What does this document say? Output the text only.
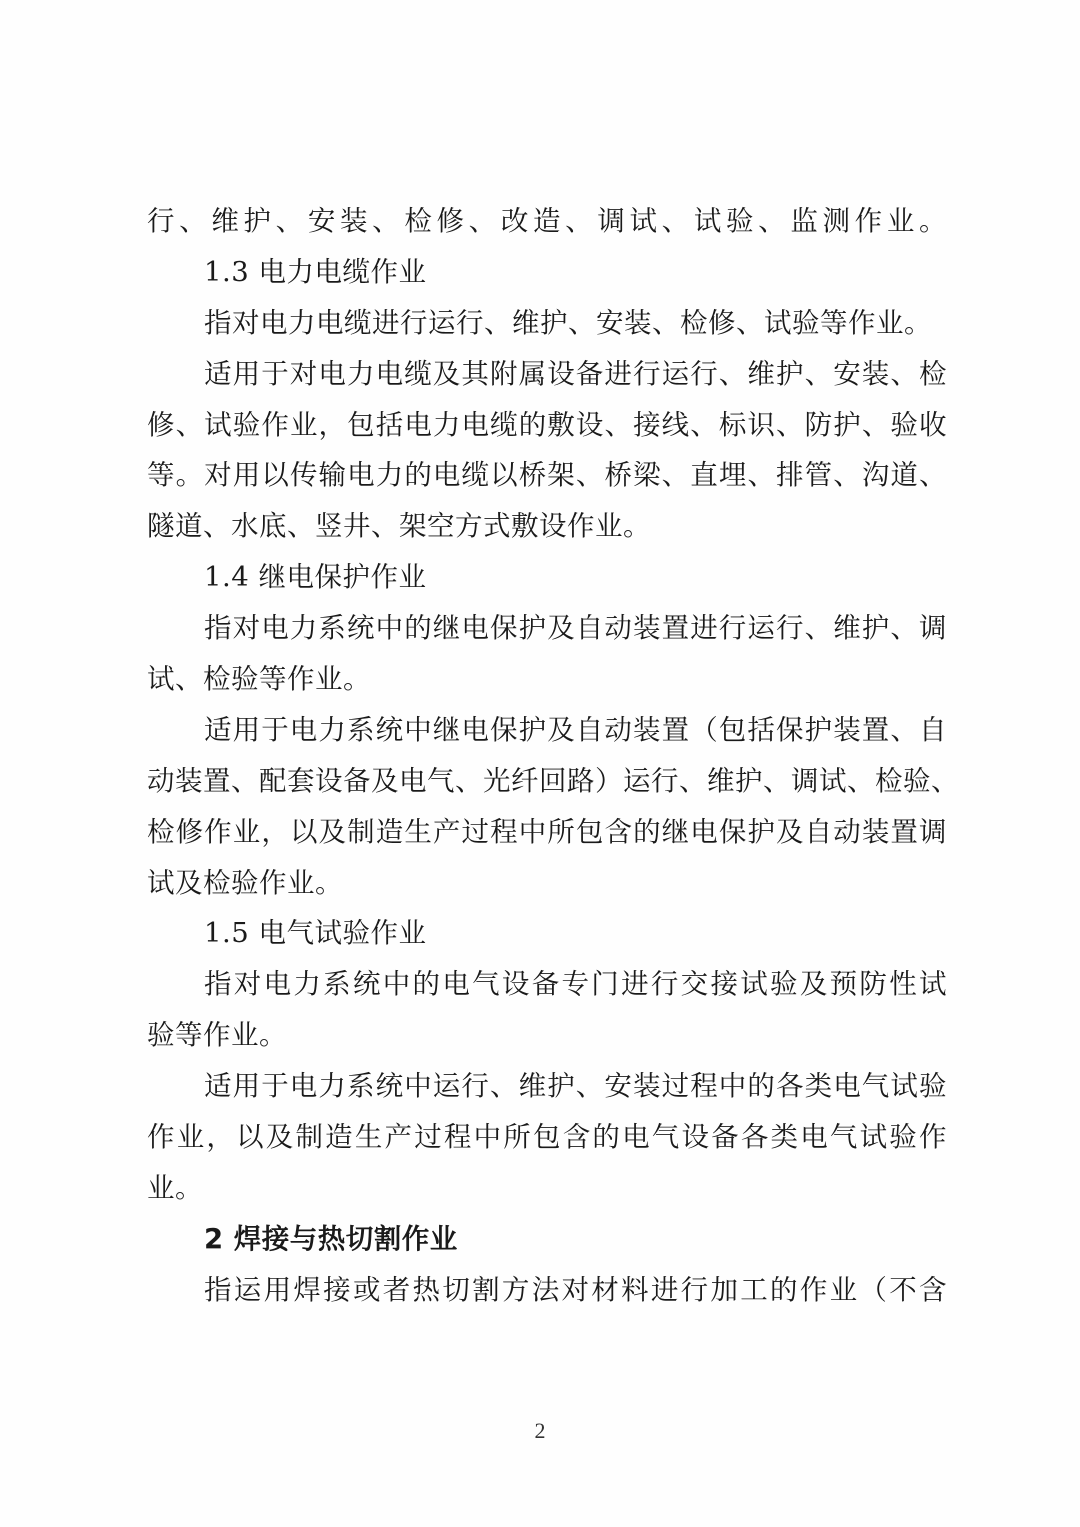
行、维护、安装、检修、改造、调试、试验、监测作业。
1.3 电力电缆作业
指对电力电缆进行运行、维护、安装、检修、试验等作业。
适用于对电力电缆及其附属设备进行运行、维护、安装、检
修、试验作业，包括电力电缆的敷设、接线、标识、防护、验收
等。对用以传输电力的电缆以桥架、桥梁、直埋、排管、沟道、
隧道、水底、竖井、架空方式敷设作业。
1.4 继电保护作业
指对电力系统中的继电保护及自动装置进行运行、维护、调
试、检验等作业。
适用于电力系统中继电保护及自动装置（包括保护装置、自
动装置、配套设备及电气、光纤回路）运行、维护、调试、检验、
检修作业，以及制造生产过程中所包含的继电保护及自动装置调
试及检验作业。
1.5 电气试验作业
指对电力系统中的电气设备专门进行交接试验及预防性试
验等作业。
适用于电力系统中运行、维护、安装过程中的各类电气试验
作业，以及制造生产过程中所包含的电气设备各类电气试验作
业。
2 焊接与热切割作业
指运用焊接或者热切割方法对材料进行加工的作业（不含
2
